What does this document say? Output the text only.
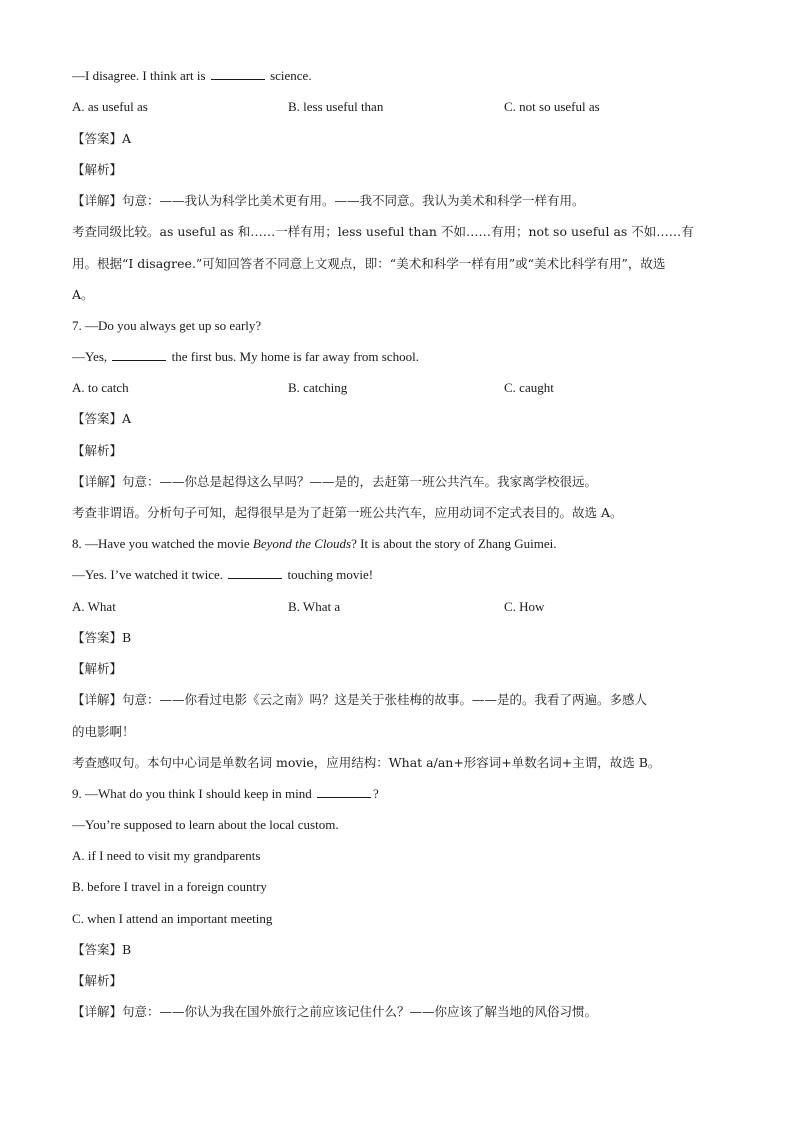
—I disagree. I think art is	science.
A. as useful as	B. less useful than	C. not so useful as
【答案】A
【解析】
【详解】句意：——我认为科学比美术更有用。——我不同意。我认为美术和科学一样有用。
考查同级比较。as useful as 和……一样有用；less useful than 不如……有用；not so useful as 不如……有
用。根据“I disagree.”可知回答者不同意上文观点，即：“美术和科学一样有用”或“美术比科学有用”，故选
A。
7. —Do you always get up so early?
—Yes,	the first bus. My home is far away from school.
A. to catch	B. catching	C. caught
【答案】A
【解析】
【详解】句意：——你总是起得这么早吗？——是的，去赶第一班公共汽车。我家离学校很远。
考查非谓语。分析句子可知，起得很早是为了赶第一班公共汽车，应用动词不定式表目的。故选 A。
8. —Have you watched the movie Beyond the Clouds? It is about the story of Zhang Guimei.
—Yes. I’ve watched it twice.	touching movie!
A. What	B. What a	C. How
【答案】B
【解析】
【详解】句意：——你看过电影《云之南》吗？这是关于张桂梅的故事。——是的。我看了两遍。多感人
的电影啊！
考查感叹句。本句中心词是单数名词 movie，应用结构：What a/an+形容词+单数名词+主谓，故选 B。
9. —What do you think I should keep in mind	?
—You’re supposed to learn about the local custom.
A. if I need to visit my grandparents
B. before I travel in a foreign country
C. when I attend an important meeting
【答案】B
【解析】
【详解】句意：——你认为我在国外旅行之前应该记住什么？——你应该了解当地的风俗习惯。
